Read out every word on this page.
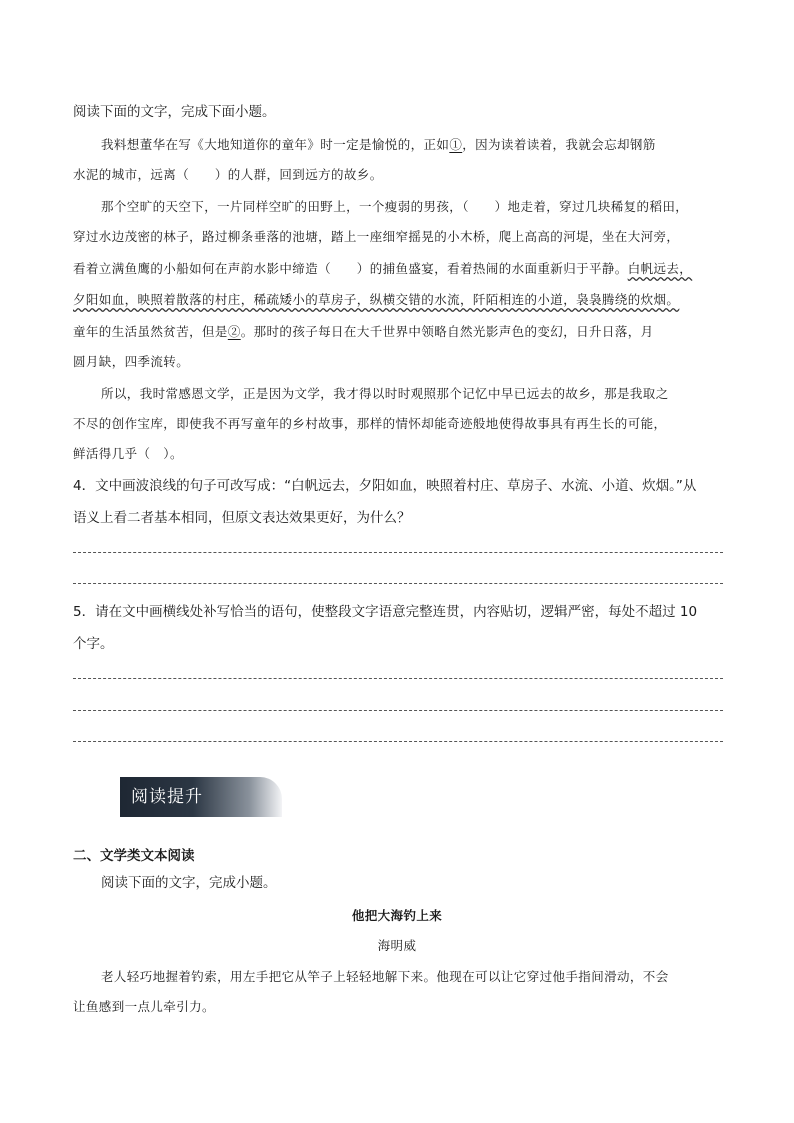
阅读下面的文字，完成下面小题。
我料想董华在写《大地知道你的童年》时一定是愉悦的，正如①，因为读着读着，我就会忘却钢筋
水泥的城市，远离（　　）的人群，回到远方的故乡。
那个空旷的天空下，一片同样空旷的田野上，一个瘦弱的男孩，（　　）地走着，穿过几块稀复的稻田，
穿过水边茂密的林子，路过柳条垂落的池塘，踏上一座细窄摇晃的小木桥，爬上高高的河堤，坐在大河旁，
看着立满鱼鹰的小船如何在声韵水影中缔造（　　）的捕鱼盛宴，看着热闹的水面重新归于平静。白帆远去，
夕阳如血，映照着散落的村庄，稀疏矮小的草房子，纵横交错的水流，阡陌相连的小道，袅袅腾绕的炊烟。
童年的生活虽然贫苦，但是②。那时的孩子每日在大千世界中领略自然光影声色的变幻，日升日落，月
圆月缺，四季流转。
所以，我时常感恩文学，正是因为文学，我才得以时时观照那个记忆中早已远去的故乡，那是我取之
不尽的创作宝库，即使我不再写童年的乡村故事，那样的情怀却能奇迹般地使得故事具有再生长的可能，
鲜活得几乎（　）。
4．文中画波浪线的句子可改写成：“白帆远去，夕阳如血，映照着村庄、草房子、水流、小道、炊烟。”从
语义上看二者基本相同，但原文表达效果更好，为什么？
5．请在文中画横线处补写恰当的语句，使整段文字语意完整连贯，内容贴切，逻辑严密，每处不超过 10
个字。
阅读提升
二、文学类文本阅读
阅读下面的文字，完成小题。
他把大海钓上来
海明威
老人轻巧地握着钓索，用左手把它从竿子上轻轻地解下来。他现在可以让它穿过他手指间滑动，不会
让鱼感到一点儿牵引力。
